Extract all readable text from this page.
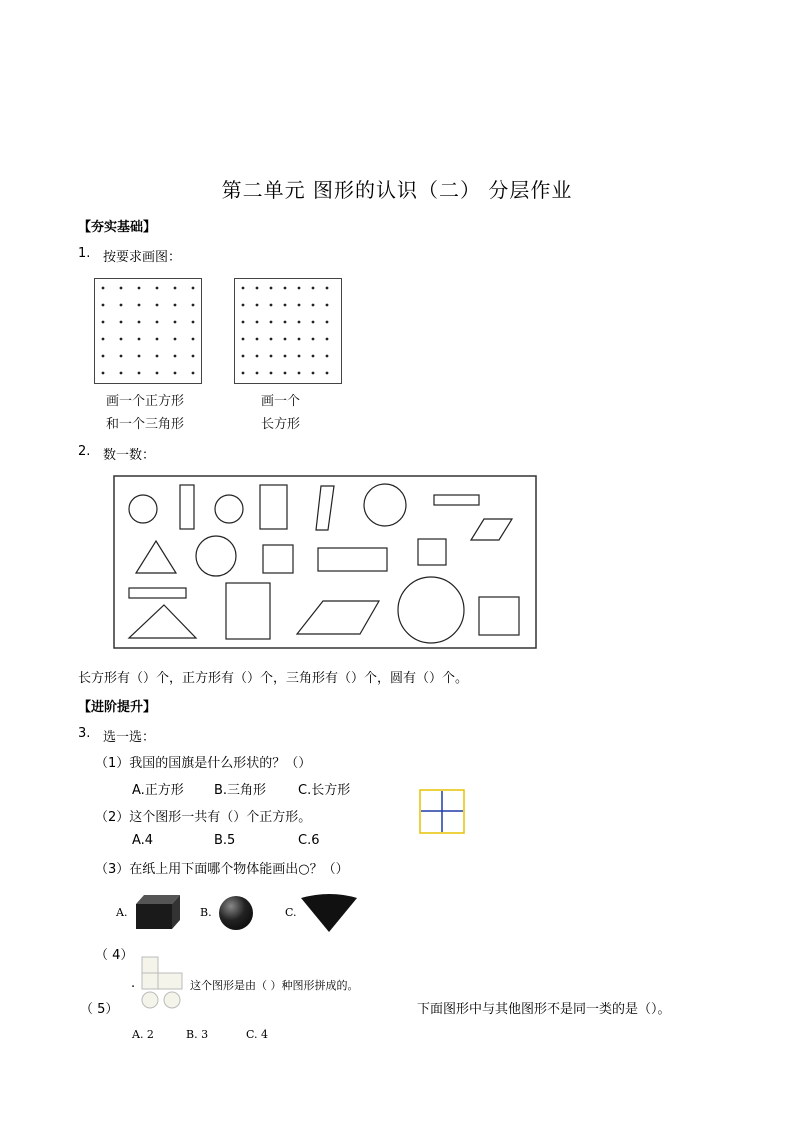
第二单元 图形的认识（二） 分层作业
【夯实基础】
1. 按要求画图：
画一个正方形
和一个三角形
画一个
长方形
2. 数一数：
长方形有（）个，正方形有（）个，三角形有（）个，圆有（）个。
【进阶提升】
3. 选一选：
（1）我国的国旗是什么形状的？（）
A.正方形 B.三角形 C.长方形
（2）这个图形一共有（）个正方形。
A.4	B.5	C.6
（3）在纸上用下面哪个物体能画出○？（）
A.	B.	C.
（ 4）
.	这个图形是由（ ）种图形拼成的。
（ 5）	下面图形中与其他图形不是同一类的是（）。
A. 2	B. 3	C. 4
